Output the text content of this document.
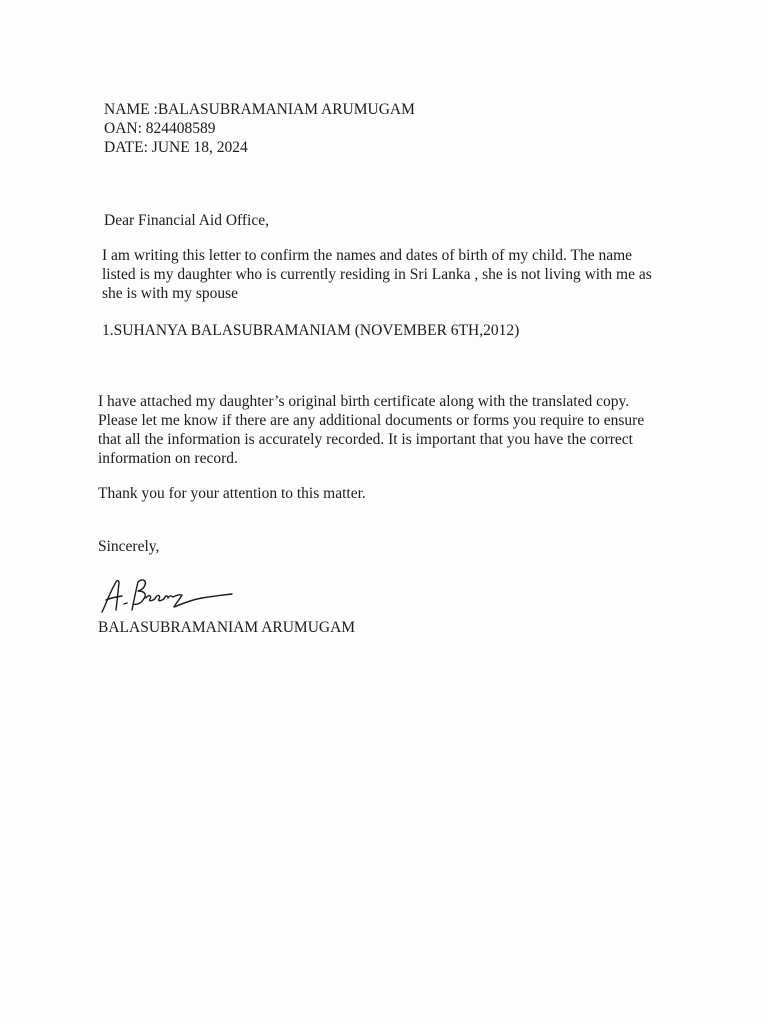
NAME :BALASUBRAMANIAM ARUMUGAM
OAN: 824408589
DATE: JUNE 18, 2024
Dear Financial Aid Office,
I am writing this letter to confirm the names and dates of birth of my child. The name
listed is my daughter who is currently residing in Sri Lanka , she is not living with me as
she is with my spouse
1.SUHANYA BALASUBRAMANIAM (NOVEMBER 6TH,2012)
I have attached my daughter’s original birth certificate along with the translated copy.
Please let me know if there are any additional documents or forms you require to ensure
that all the information is accurately recorded. It is important that you have the correct
information on record.
Thank you for your attention to this matter.
Sincerely,
BALASUBRAMANIAM ARUMUGAM
